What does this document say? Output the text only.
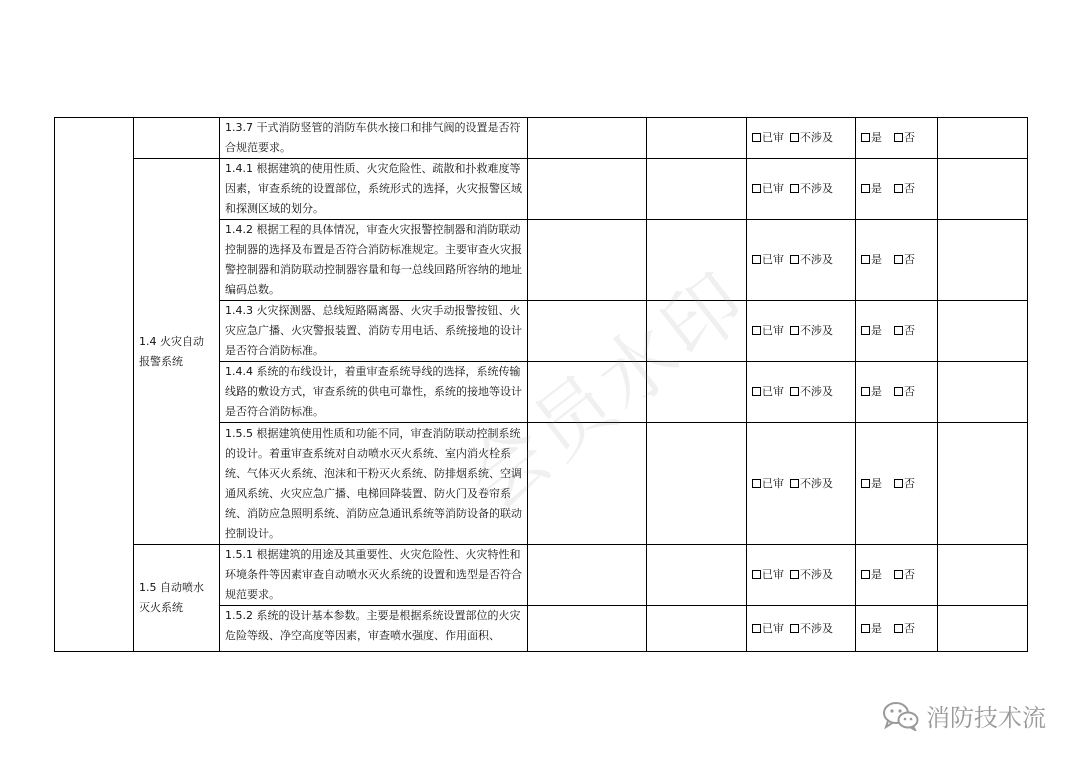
		1.3.7 干式消防竖管的消防车供水接口和排气阀的设置是否符合规范要求。			已审 不涉及	是 否	
	1.4 火灾自动报警系统	1.4.1 根据建筑的使用性质、火灾危险性、疏散和扑救难度等因素，审查系统的设置部位，系统形式的选择，火灾报警区域和探测区域的划分。			已审 不涉及	是 否	
		1.4.2 根据工程的具体情况，审查火灾报警控制器和消防联动控制器的选择及布置是否符合消防标准规定。主要审查火灾报警控制器和消防联动控制器容量和每一总线回路所容纳的地址编码总数。			已审 不涉及	是 否	
		1.4.3 火灾探测器、总线短路隔离器、火灾手动报警按钮、火灾应急广播、火灾警报装置、消防专用电话、系统接地的设计是否符合消防标准。			已审 不涉及	是 否	
		1.4.4 系统的布线设计，着重审查系统导线的选择，系统传输线路的敷设方式，审查系统的供电可靠性，系统的接地等设计是否符合消防标准。			已审 不涉及	是 否	
		1.5.5 根据建筑使用性质和功能不同，审查消防联动控制系统的设计。着重审查系统对自动喷水灭火系统、室内消火栓系统、气体灭火系统、泡沫和干粉灭火系统、防排烟系统、空调通风系统、火灾应急广播、电梯回降装置、防火门及卷帘系统、消防应急照明系统、消防应急通讯系统等消防设备的联动控制设计。			已审 不涉及	是 否	
	1.5 自动喷水灭火系统	1.5.1 根据建筑的用途及其重要性、火灾危险性、火灾特性和环境条件等因素审查自动喷水灭火系统的设置和选型是否符合规范要求。			已审 不涉及	是 否	
		1.5.2 系统的设计基本参数。主要是根据系统设置部位的火灾危险等级、净空高度等因素，审查喷水强度、作用面积、			已审 不涉及	是 否	
会员水印
消防技术流
